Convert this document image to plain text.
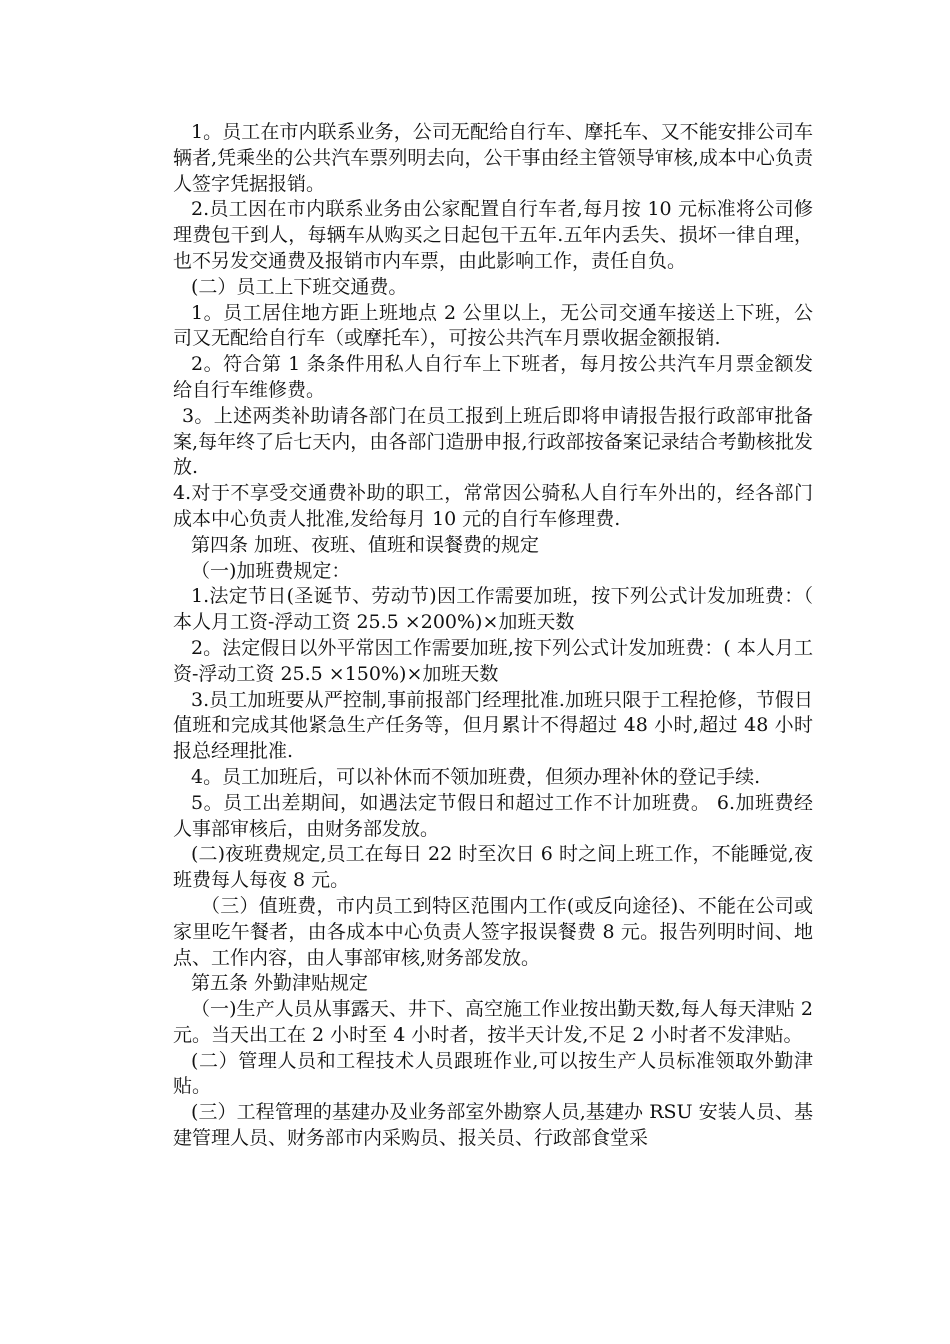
1。员工在市内联系业务，公司无配给自行车、摩托车、又不能安排公司车辆者,凭乘坐的公共汽车票列明去向，公干事由经主管领导审核,成本中心负责人签字凭据报销。

2.员工因在市内联系业务由公家配置自行车者,每月按 10 元标准将公司修理费包干到人，每辆车从购买之日起包干五年.五年内丢失、损坏一律自理，也不另发交通费及报销市内车票，由此影响工作，责任自负。

(二）员工上下班交通费。

1。员工居住地方距上班地点 2 公里以上，无公司交通车接送上下班，公司又无配给自行车（或摩托车），可按公共汽车月票收据金额报销.

2。符合第 1 条条件用私人自行车上下班者，每月按公共汽车月票金额发给自行车维修费。

3。上述两类补助请各部门在员工报到上班后即将申请报告报行政部审批备案,每年终了后七天内，由各部门造册申报,行政部按备案记录结合考勤核批发放.

4.对于不享受交通费补助的职工，常常因公骑私人自行车外出的，经各部门成本中心负责人批准,发给每月 10 元的自行车修理费.

第四条 加班、夜班、值班和误餐费的规定

（一)加班费规定：

1.法定节日(圣诞节、劳动节)因工作需要加班，按下列公式计发加班费：（ 本人月工资-浮动工资 25.5 ×200%)×加班天数

2。法定假日以外平常因工作需要加班,按下列公式计发加班费：( 本人月工资-浮动工资 25.5 ×150%)×加班天数

3.员工加班要从严控制,事前报部门经理批准.加班只限于工程抢修，节假日值班和完成其他紧急生产任务等，但月累计不得超过 48 小时,超过 48 小时报总经理批准.

4。员工加班后，可以补休而不领加班费，但须办理补休的登记手续.

5。员工出差期间，如遇法定节假日和超过工作不计加班费。 6.加班费经人事部审核后，由财务部发放。

(二)夜班费规定,员工在每日 22 时至次日 6 时之间上班工作，不能睡觉,夜班费每人每夜 8 元。

（三）值班费，市内员工到特区范围内工作(或反向途径)、不能在公司或家里吃午餐者，由各成本中心负责人签字报误餐费 8 元。报告列明时间、地点、工作内容，由人事部审核,财务部发放。

第五条 外勤津贴规定

（一)生产人员从事露天、井下、高空施工作业按出勤天数,每人每天津贴 2 元。当天出工在 2 小时至 4 小时者，按半天计发,不足 2 小时者不发津贴。

(二）管理人员和工程技术人员跟班作业,可以按生产人员标准领取外勤津贴。

(三）工程管理的基建办及业务部室外勘察人员,基建办 RSU 安装人员、基建管理人员、财务部市内采购员、报关员、行政部食堂采
